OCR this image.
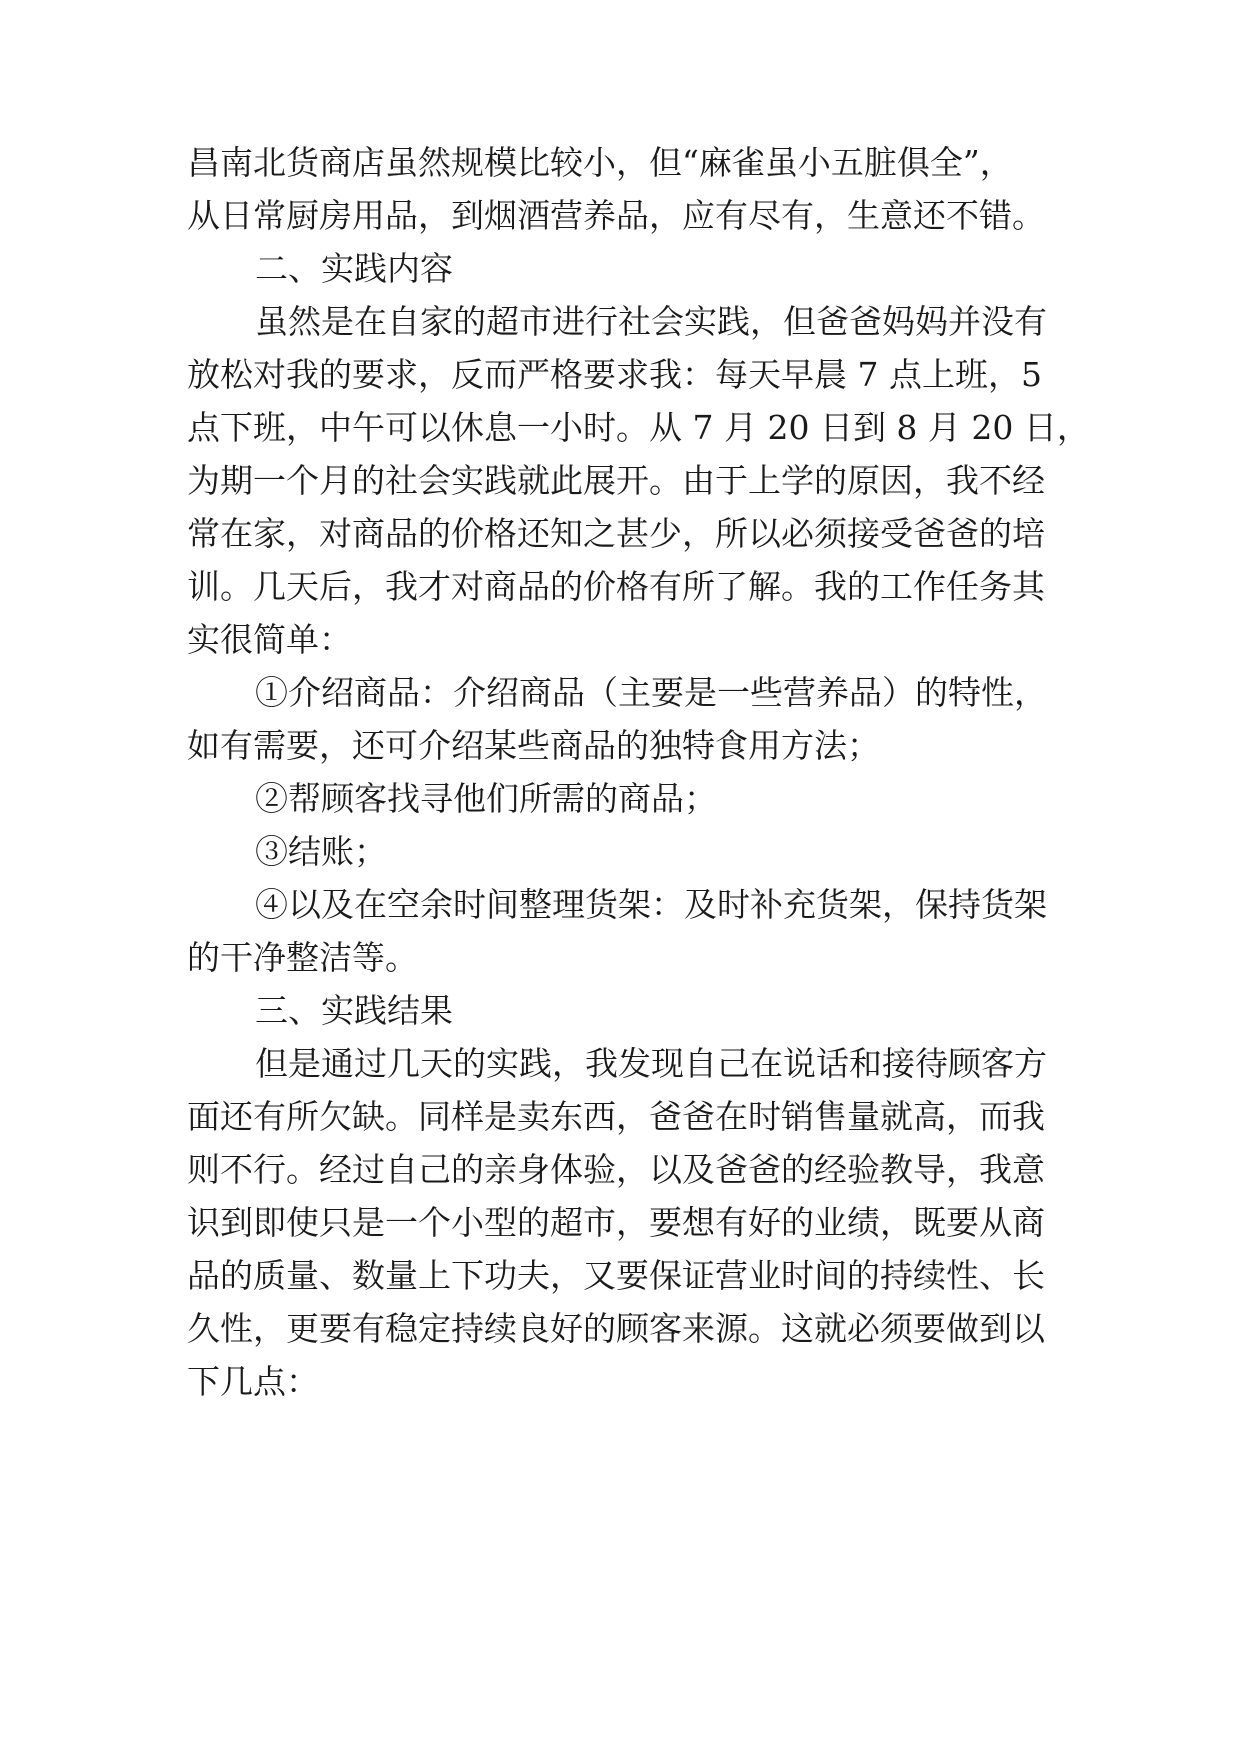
昌南北货商店虽然规模比较小，但“麻雀虽小五脏俱全”，
从日常厨房用品，到烟酒营养品，应有尽有，生意还不错。
二、实践内容
虽然是在自家的超市进行社会实践，但爸爸妈妈并没有
放松对我的要求，反而严格要求我：每天早晨 7 点上班，5
点下班，中午可以休息一小时。从 7 月 20 日到 8 月 20 日，
为期一个月的社会实践就此展开。由于上学的原因，我不经
常在家，对商品的价格还知之甚少，所以必须接受爸爸的培
训。几天后，我才对商品的价格有所了解。我的工作任务其
实很简单：
①介绍商品：介绍商品（主要是一些营养品）的特性，
如有需要，还可介绍某些商品的独特食用方法；
②帮顾客找寻他们所需的商品；
③结账；
④以及在空余时间整理货架：及时补充货架，保持货架
的干净整洁等。
三、实践结果
但是通过几天的实践，我发现自己在说话和接待顾客方
面还有所欠缺。同样是卖东西，爸爸在时销售量就高，而我
则不行。经过自己的亲身体验，以及爸爸的经验教导，我意
识到即使只是一个小型的超市，要想有好的业绩，既要从商
品的质量、数量上下功夫，又要保证营业时间的持续性、长
久性，更要有稳定持续良好的顾客来源。这就必须要做到以
下几点：
